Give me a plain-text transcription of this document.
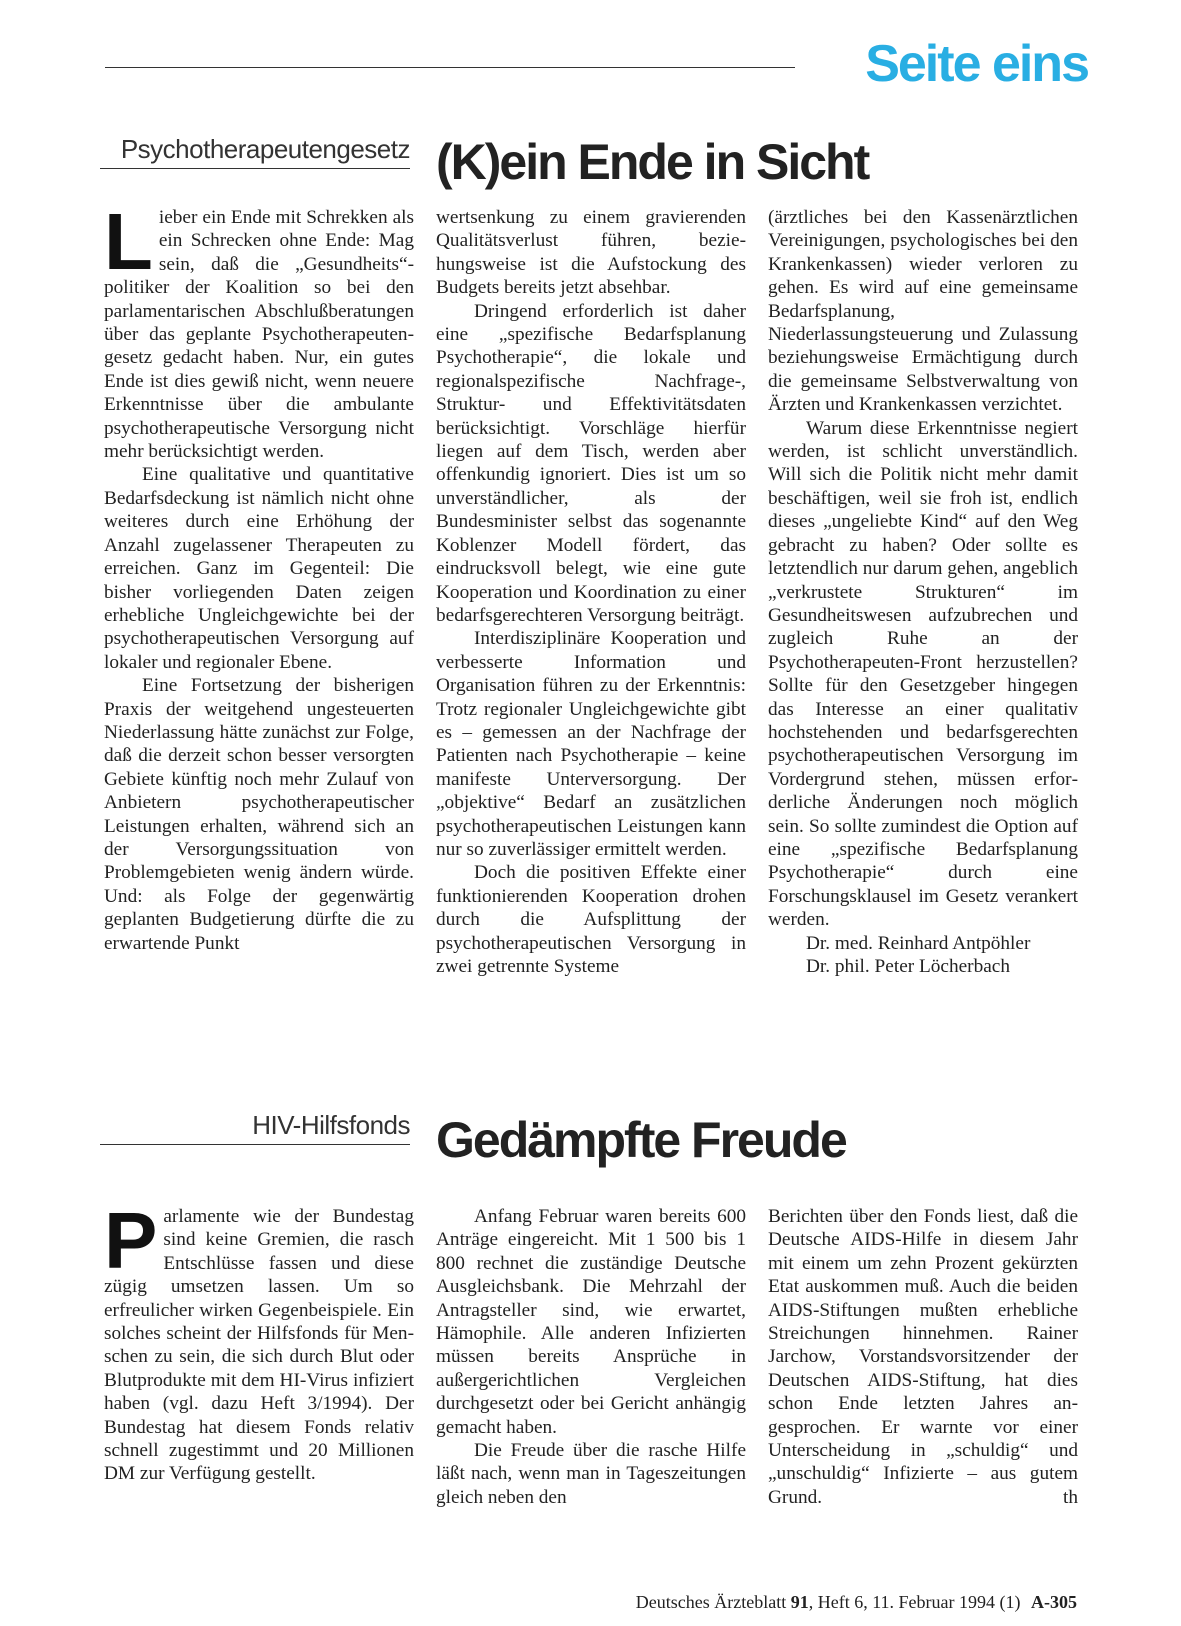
Seite eins
Psychotherapeutengesetz (K)ein Ende in Sicht
L ieber ein Ende mit Schrekken als ein Schrecken ohne Ende: Mag sein, daß die „Gesundheits“-politiker der Koalition so bei den parlamentarischen Abschlußberatungen über das geplante Psychotherapeutengesetz gedacht haben. Nur, ein gutes Ende ist dies gewiß nicht, wenn neuere Erkenntnisse über die ambulante psychotherapeutische Versorgung nicht mehr berücksichtigt werden.

Eine qualitative und quantitative Bedarfsdeckung ist nämlich nicht ohne weiteres durch eine Erhöhung der Anzahl zugelassener Therapeuten zu erreichen. Ganz im Gegenteil: Die bisher vorliegenden Daten zeigen erhebliche Ungleichgewichte bei der psychotherapeutischen Versorgung auf lokaler und regionaler Ebene.

Eine Fortsetzung der bisherigen Praxis der weitgehend ungesteuerten Niederlassung hätte zunächst zur Folge, daß die derzeit schon besser versorgten Gebiete künftig noch mehr Zulauf von Anbietern psychotherapeutischer Leistungen erhalten, während sich an der Versorgungssituation von Problemgebieten wenig ändern würde. Und: als Folge der gegenwärtig geplanten Budgetierung dürfte die zu erwartende Punkt

wertsenkung zu einem gravierenden Qualitätsverlust führen, beziehungsweise ist die Aufstockung des Budgets bereits jetzt absehbar.

Dringend erforderlich ist daher eine „spezifische Bedarfsplanung Psychotherapie“, die lokale und regionalspezifische Nachfrage-, Struktur- und Effektivitätsdaten berücksichtigt. Vorschläge hierfür liegen auf dem Tisch, werden aber offenkundig ignoriert. Dies ist um so unverständlicher, als der Bundesminister selbst das sogenannte Koblenzer Modell fördert, das eindrucksvoll belegt, wie eine gute Kooperation und Koordination zu einer bedarfsgerechteren Versorgung beiträgt.

Interdisziplinäre Kooperation und verbesserte Information und Organisation führen zu der Erkenntnis: Trotz regionaler Ungleichgewichte gibt es – gemessen an der Nachfrage der Patienten nach Psychotherapie – keine manifeste Unterversorgung. Der „objektive“ Bedarf an zusätzlichen psychotherapeutischen Leistungen kann nur so zuverlässiger ermittelt werden.

Doch die positiven Effekte einer funktionierenden Kooperation drohen durch die Aufsplittung der psychotherapeutischen Versorgung in zwei getrennte Systeme

(ärztliches bei den Kassenärztlichen Vereinigungen, psychologisches bei den Krankenkassen) wieder verloren zu gehen. Es wird auf eine gemeinsame Bedarfsplanung, Niederlassungsteuerung und Zulassung beziehungsweise Ermächtigung durch die gemeinsame Selbstverwaltung von Ärzten und Krankenkassen verzichtet.

Warum diese Erkenntnisse negiert werden, ist schlicht unverständlich. Will sich die Politik nicht mehr damit beschäftigen, weil sie froh ist, endlich dieses „ungeliebte Kind“ auf den Weg gebracht zu haben? Oder sollte es letztendlich nur darum gehen, angeblich „verkrustete Strukturen“ im Gesundheitswesen aufzubrechen und zugleich Ruhe an der Psychotherapeuten-Front herzustellen? Sollte für den Gesetzgeber hingegen das Interesse an einer qualitativ hochstehenden und bedarfsgerechten psychotherapeutischen Versorgung im Vordergrund stehen, müssen erforderliche Änderungen noch möglich sein. So sollte zumindest die Option auf eine „spezifische Bedarfsplanung Psychotherapie“ durch eine Forschungsklausel im Gesetz verankert werden.

Dr. med. Reinhard Antpöhler
Dr. phil. Peter Löcherbach
HIV-Hilfsfonds Gedämpfte Freude
P arlamente wie der Bundestag sind keine Gremien, die rasch Entschlüsse fassen und diese zügig umsetzen lassen. Um so erfreulicher wirken Gegenbeispiele. Ein solches scheint der Hilfsfonds für Menschen zu sein, die sich durch Blut oder Blutprodukte mit dem HI-Virus infiziert haben (vgl. dazu Heft 3/1994). Der Bundestag hat diesem Fonds relativ schnell zugestimmt und 20 Millionen DM zur Verfügung gestellt.

Anfang Februar waren bereits 600 Anträge eingereicht. Mit 1 500 bis 1 800 rechnet die zuständige Deutsche Ausgleichsbank. Die Mehrzahl der Antragsteller sind, wie erwartet, Hämophile. Alle anderen Infizierten müssen bereits Ansprüche in außergerichtlichen Vergleichen durchgesetzt oder bei Gericht anhängig gemacht haben.

Die Freude über die rasche Hilfe läßt nach, wenn man in Tageszeitungen gleich neben den

Berichten über den Fonds liest, daß die Deutsche AIDS-Hilfe in diesem Jahr mit einem um zehn Prozent gekürzten Etat auskommen muß. Auch die beiden AIDS-Stiftungen mußten erhebliche Streichungen hinnehmen. Rainer Jarchow, Vorstandsvorsitzender der Deutschen AIDS-Stiftung, hat dies schon Ende letzten Jahres angesprochen. Er warnte vor einer Unterscheidung in „schuldig“ und „unschuldig“ Infizierte – aus gutem Grund.	th

Deutsches Ärzteblatt 91, Heft 6, 11. Februar 1994 (1) A-305
